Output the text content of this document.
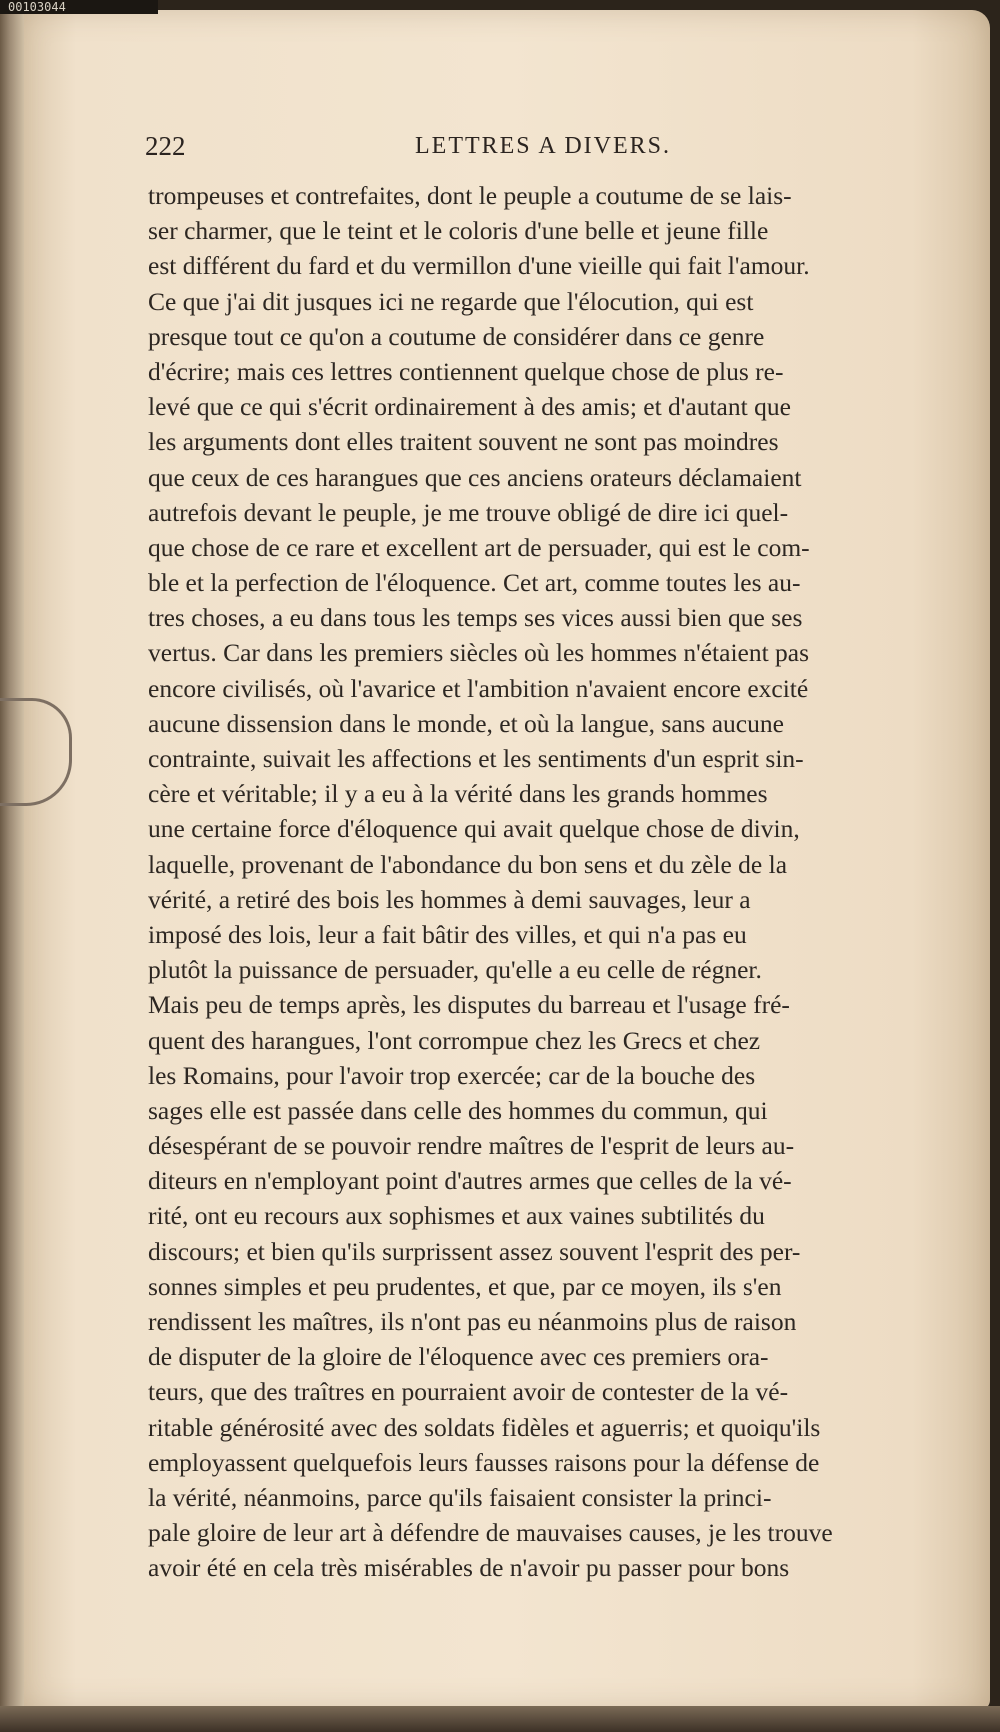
00103044
222	LETTRES A DIVERS.
trompeuses et contrefaites, dont le peuple a coutume de se lais-
ser charmer, que le teint et le coloris d'une belle et jeune fille
est différent du fard et du vermillon d'une vieille qui fait l'amour.
Ce que j'ai dit jusques ici ne regarde que l'élocution, qui est
presque tout ce qu'on a coutume de considérer dans ce genre
d'écrire; mais ces lettres contiennent quelque chose de plus re-
levé que ce qui s'écrit ordinairement à des amis; et d'autant que
les arguments dont elles traitent souvent ne sont pas moindres
que ceux de ces harangues que ces anciens orateurs déclamaient
autrefois devant le peuple, je me trouve obligé de dire ici quel-
que chose de ce rare et excellent art de persuader, qui est le com-
ble et la perfection de l'éloquence. Cet art, comme toutes les au-
tres choses, a eu dans tous les temps ses vices aussi bien que ses
vertus. Car dans les premiers siècles où les hommes n'étaient pas
encore civilisés, où l'avarice et l'ambition n'avaient encore excité
aucune dissension dans le monde, et où la langue, sans aucune
contrainte, suivait les affections et les sentiments d'un esprit sin-
cère et véritable; il y a eu à la vérité dans les grands hommes
une certaine force d'éloquence qui avait quelque chose de divin,
laquelle, provenant de l'abondance du bon sens et du zèle de la
vérité, a retiré des bois les hommes à demi sauvages, leur a
imposé des lois, leur a fait bâtir des villes, et qui n'a pas eu
plutôt la puissance de persuader, qu'elle a eu celle de régner.
Mais peu de temps après, les disputes du barreau et l'usage fré-
quent des harangues, l'ont corrompue chez les Grecs et chez
les Romains, pour l'avoir trop exercée; car de la bouche des
sages elle est passée dans celle des hommes du commun, qui
désespérant de se pouvoir rendre maîtres de l'esprit de leurs au-
diteurs en n'employant point d'autres armes que celles de la vé-
rité, ont eu recours aux sophismes et aux vaines subtilités du
discours; et bien qu'ils surprissent assez souvent l'esprit des per-
sonnes simples et peu prudentes, et que, par ce moyen, ils s'en
rendissent les maîtres, ils n'ont pas eu néanmoins plus de raison
de disputer de la gloire de l'éloquence avec ces premiers ora-
teurs, que des traîtres en pourraient avoir de contester de la vé-
ritable générosité avec des soldats fidèles et aguerris; et quoiqu'ils
employassent quelquefois leurs fausses raisons pour la défense de
la vérité, néanmoins, parce qu'ils faisaient consister la princi-
pale gloire de leur art à défendre de mauvaises causes, je les trouve
avoir été en cela très misérables de n'avoir pu passer pour bons
